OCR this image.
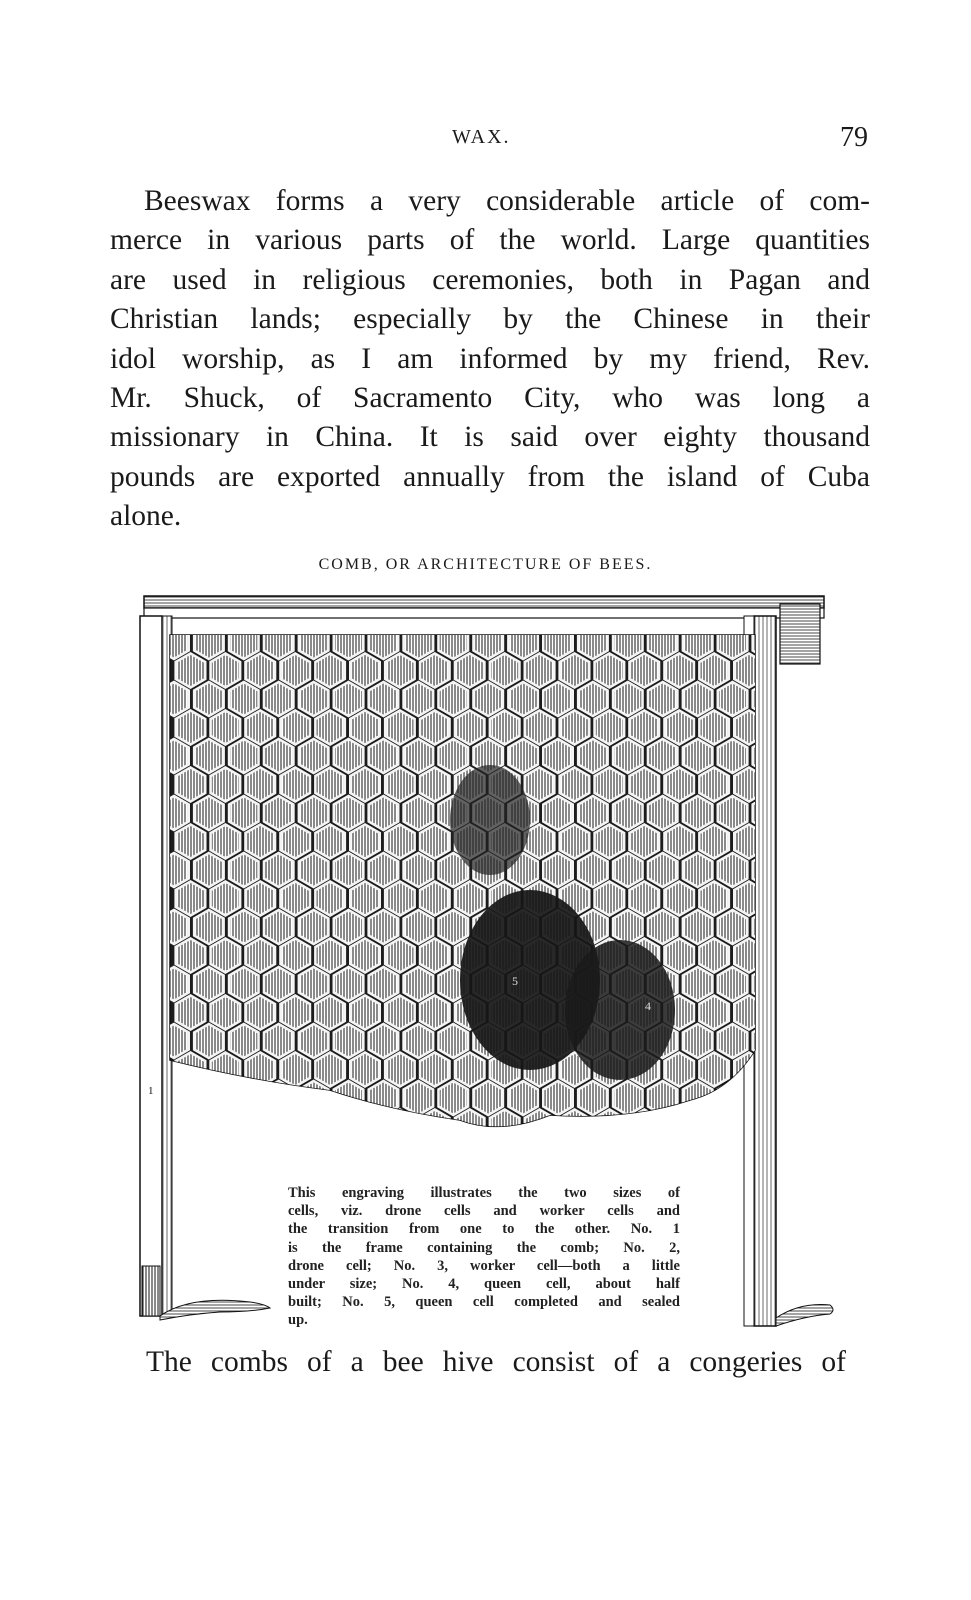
WAX.	79
Beeswax forms a very considerable article of com-
merce in various parts of the world. Large quantities
are used in religious ceremonies, both in Pagan and
Christian lands; especially by the Chinese in their
idol worship, as I am informed by my friend, Rev.
Mr. Shuck, of Sacramento City, who was long a
missionary in China. It is said over eighty thousand
pounds are exported annually from the island of Cuba
alone.
COMB, OR ARCHITECTURE OF BEES.
1
5
4
This engraving illustrates the two sizes of
cells, viz. drone cells and worker cells and
the transition from one to the other. No. 1
is the frame containing the comb; No. 2,
drone cell; No. 3, worker cell—both a little
under size; No. 4, queen cell, about half
built; No. 5, queen cell completed and sealed
up.
The combs of a bee hive consist of a congeries of
